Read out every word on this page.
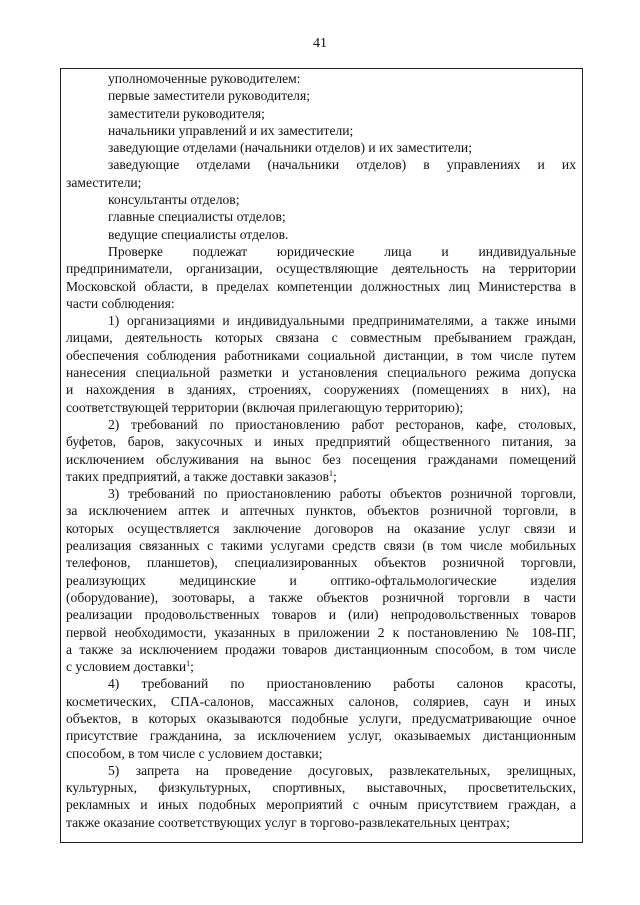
41
уполномоченные руководителем:
первые заместители руководителя;
заместители руководителя;
начальники управлений и их заместители;
заведующие отделами (начальники отделов) и их заместители;
заведующие отделами (начальники отделов) в управлениях и их
заместители;
консультанты отделов;
главные специалисты отделов;
ведущие специалисты отделов.
Проверке подлежат юридические лица и индивидуальные
предприниматели, организации, осуществляющие деятельность на территории
Московской области, в пределах компетенции должностных лиц Министерства в
части соблюдения:
1) организациями и индивидуальными предпринимателями, а также иными
лицами, деятельность которых связана с совместным пребыванием граждан,
обеспечения соблюдения работниками социальной дистанции, в том числе путем
нанесения специальной разметки и установления специального режима допуска
и нахождения в зданиях, строениях, сооружениях (помещениях в них), на
соответствующей территории (включая прилегающую территорию);
2) требований по приостановлению работ ресторанов, кафе, столовых,
буфетов, баров, закусочных и иных предприятий общественного питания, за
исключением обслуживания на вынос без посещения гражданами помещений
таких предприятий, а также доставки заказов$^1$;
3) требований по приостановлению работы объектов розничной торговли,
за исключением аптек и аптечных пунктов, объектов розничной торговли, в
которых осуществляется заключение договоров на оказание услуг связи и
реализация связанных с такими услугами средств связи (в том числе мобильных
телефонов, планшетов), специализированных объектов розничной торговли,
реализующих медицинские и оптико-офтальмологические изделия
(оборудование), зоотовары, а также объектов розничной торговли в части
реализации продовольственных товаров и (или) непродовольственных товаров
первой необходимости, указанных в приложении 2 к постановлению № 108-ПГ,
а также за исключением продажи товаров дистанционным способом, в том числе
с условием доставки$^1$;
4) требований по приостановлению работы салонов красоты,
косметических, СПА-салонов, массажных салонов, соляриев, саун и иных
объектов, в которых оказываются подобные услуги, предусматривающие очное
присутствие гражданина, за исключением услуг, оказываемых дистанционным
способом, в том числе с условием доставки;
5) запрета на проведение досуговых, развлекательных, зрелищных,
культурных, физкультурных, спортивных, выставочных, просветительских,
рекламных и иных подобных мероприятий с очным присутствием граждан, а
также оказание соответствующих услуг в торгово-развлекательных центрах;
